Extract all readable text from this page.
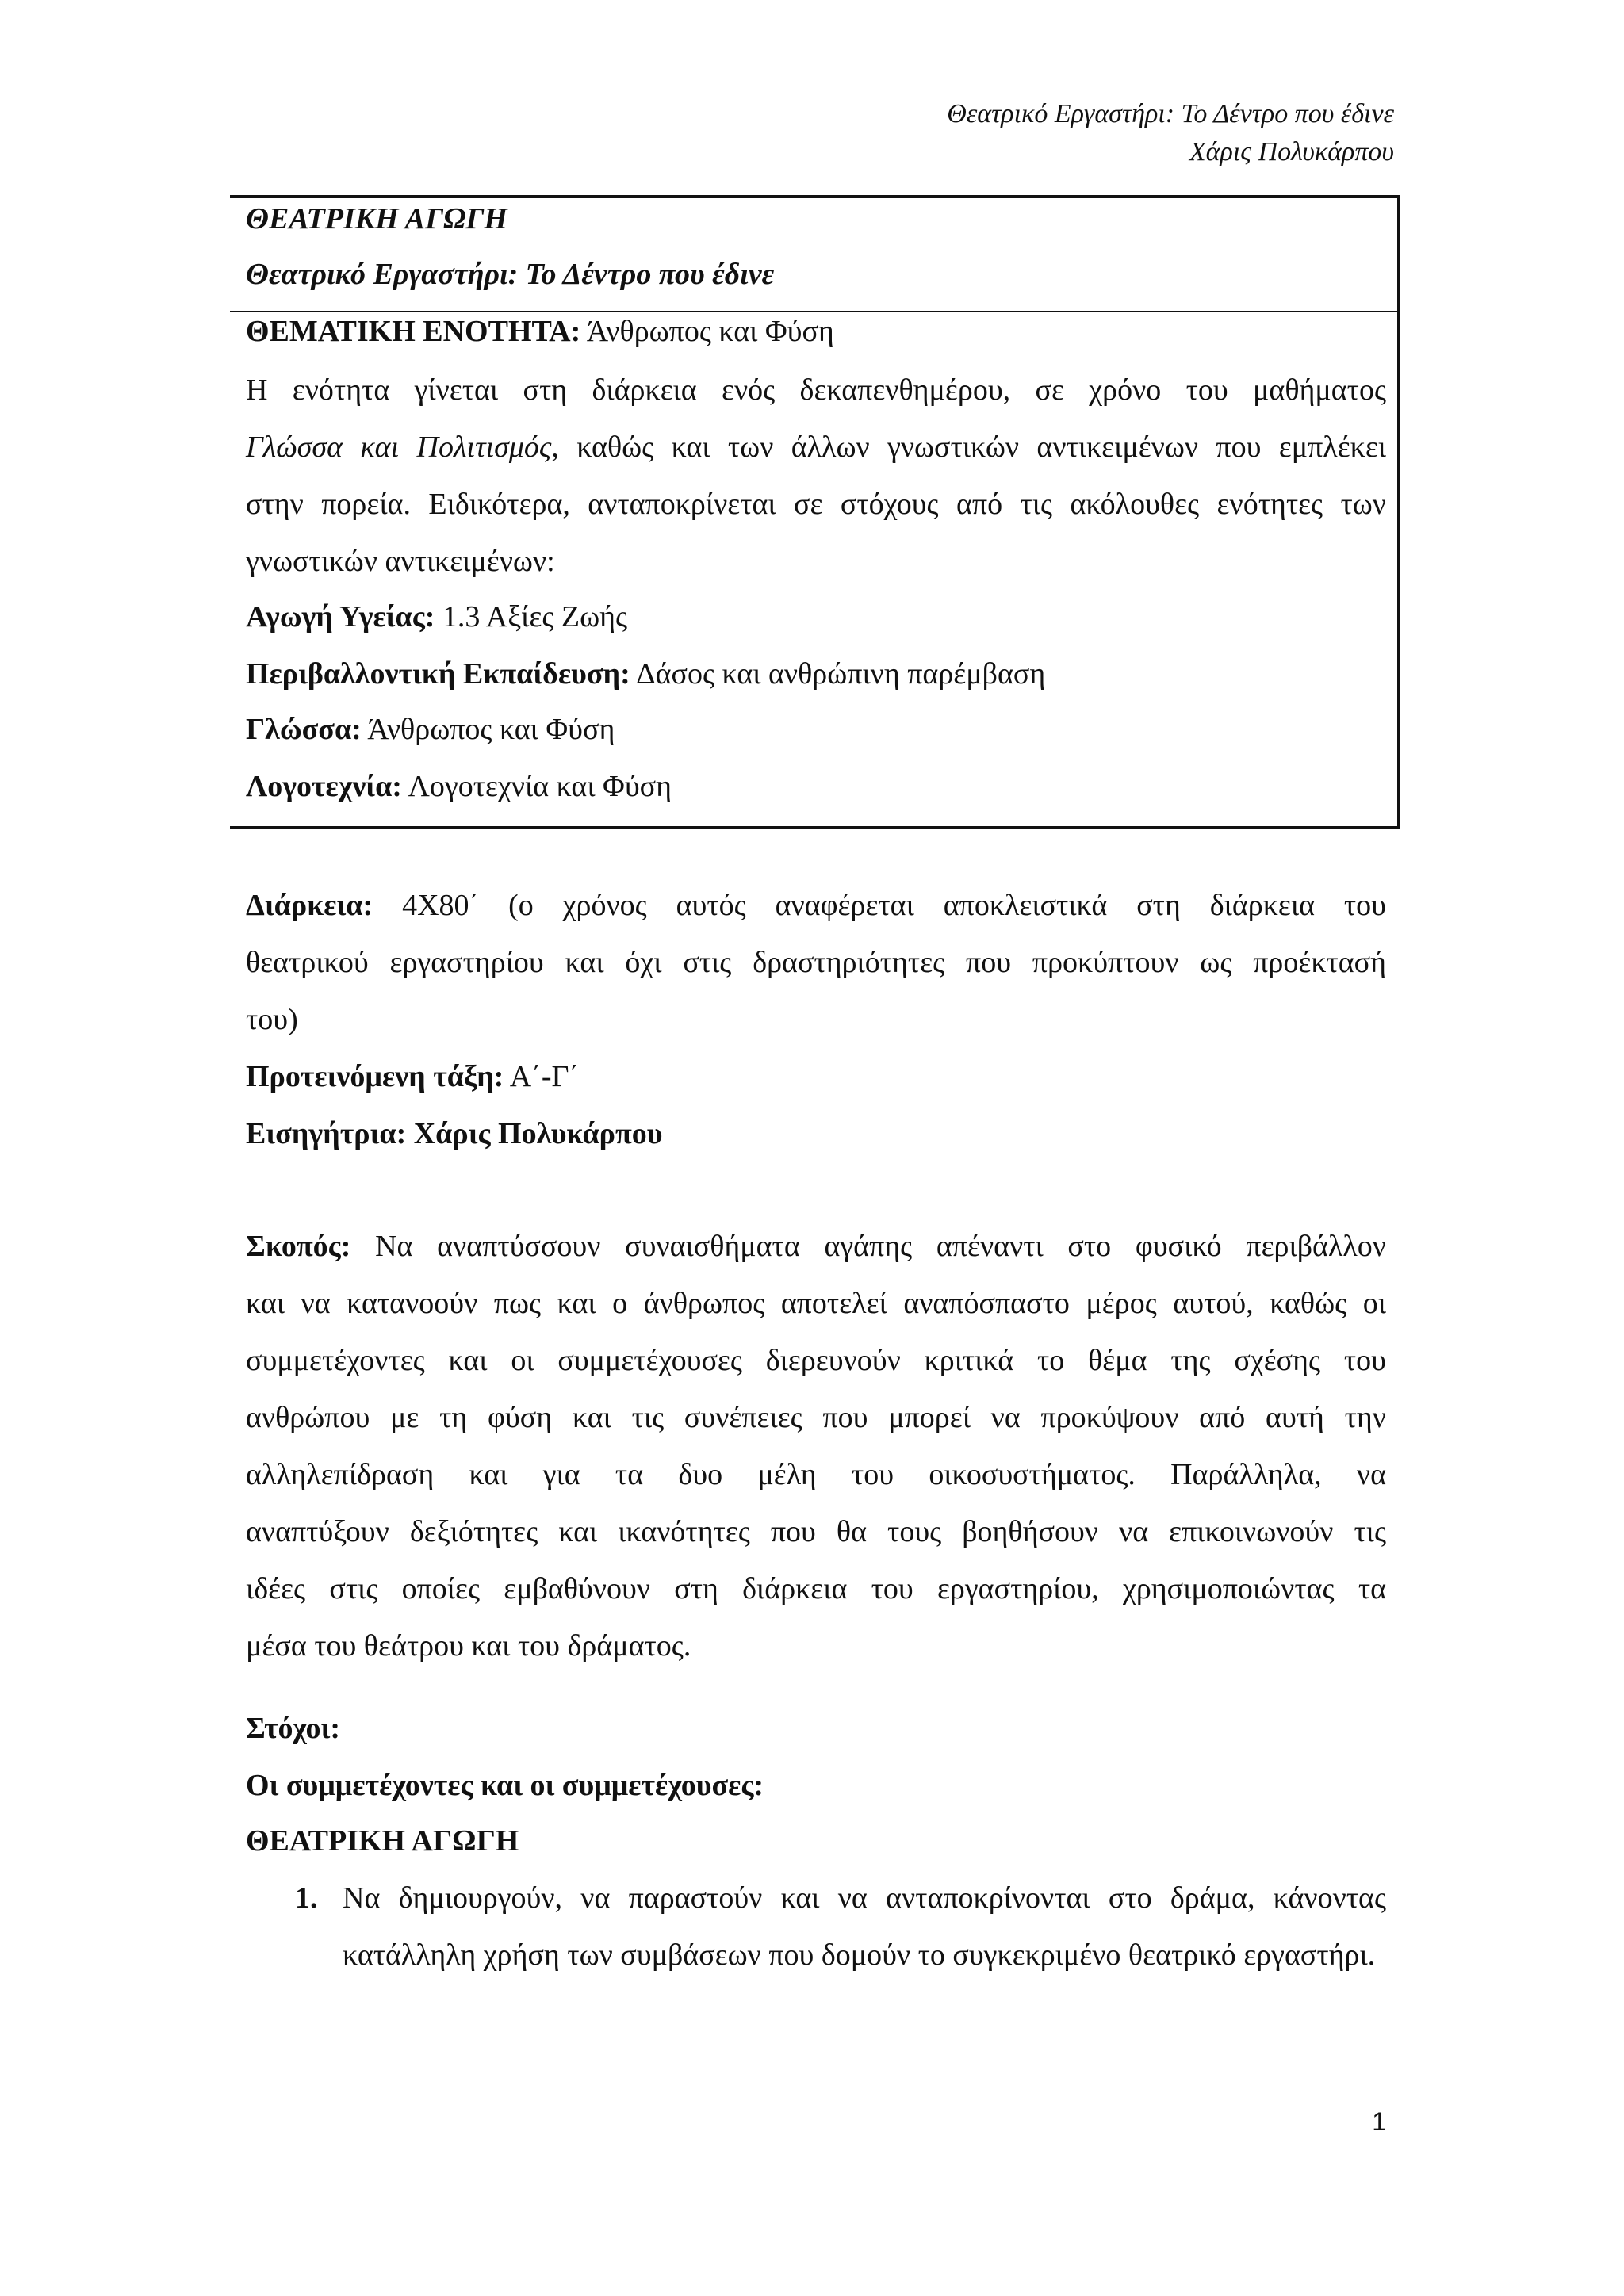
Θεατρικό Εργαστήρι: Το Δέντρο που έδινε
Χάρις Πολυκάρπου
ΘΕΑΤΡΙΚΗ ΑΓΩΓΗ
Θεατρικό Εργαστήρι: Το Δέντρο που έδινε
ΘΕΜΑΤΙΚΗ ΕΝΟΤΗΤΑ: Άνθρωπος και Φύση
Η ενότητα γίνεται στη διάρκεια ενός δεκαπενθημέρου, σε χρόνο του μαθήματος
Γλώσσα και Πολιτισμός, καθώς και των άλλων γνωστικών αντικειμένων που εμπλέκει
στην πορεία. Ειδικότερα, ανταποκρίνεται σε στόχους από τις ακόλουθες ενότητες των
γνωστικών αντικειμένων:
Αγωγή Υγείας: 1.3 Αξίες Ζωής
Περιβαλλοντική Εκπαίδευση: Δάσος και ανθρώπινη παρέμβαση
Γλώσσα: Άνθρωπος και Φύση
Λογοτεχνία: Λογοτεχνία και Φύση
Διάρκεια: 4Χ80΄ (ο χρόνος αυτός αναφέρεται αποκλειστικά στη διάρκεια του
θεατρικού εργαστηρίου και όχι στις δραστηριότητες που προκύπτουν ως προέκτασή
του)
Προτεινόμενη τάξη: Α΄-Γ΄
Εισηγήτρια: Χάρις Πολυκάρπου
Σκοπός: Να αναπτύσσουν συναισθήματα αγάπης απέναντι στο φυσικό περιβάλλον
και να κατανοούν πως και ο άνθρωπος αποτελεί αναπόσπαστο μέρος αυτού, καθώς οι
συμμετέχοντες και οι συμμετέχουσες διερευνούν κριτικά το θέμα της σχέσης του
ανθρώπου με τη φύση και τις συνέπειες που μπορεί να προκύψουν από αυτή την
αλληλεπίδραση και για τα δυο μέλη του οικοσυστήματος. Παράλληλα, να
αναπτύξουν δεξιότητες και ικανότητες που θα τους βοηθήσουν να επικοινωνούν τις
ιδέες στις οποίες εμβαθύνουν στη διάρκεια του εργαστηρίου, χρησιμοποιώντας τα
μέσα του θεάτρου και του δράματος.
Στόχοι:
Οι συμμετέχοντες και οι συμμετέχουσες:
ΘΕΑΤΡΙΚΗ ΑΓΩΓΗ
1. Να δημιουργούν, να παραστούν και να ανταποκρίνονται στο δράμα, κάνοντας κατάλληλη χρήση των συμβάσεων που δομούν το συγκεκριμένο θεατρικό εργαστήρι.
1
